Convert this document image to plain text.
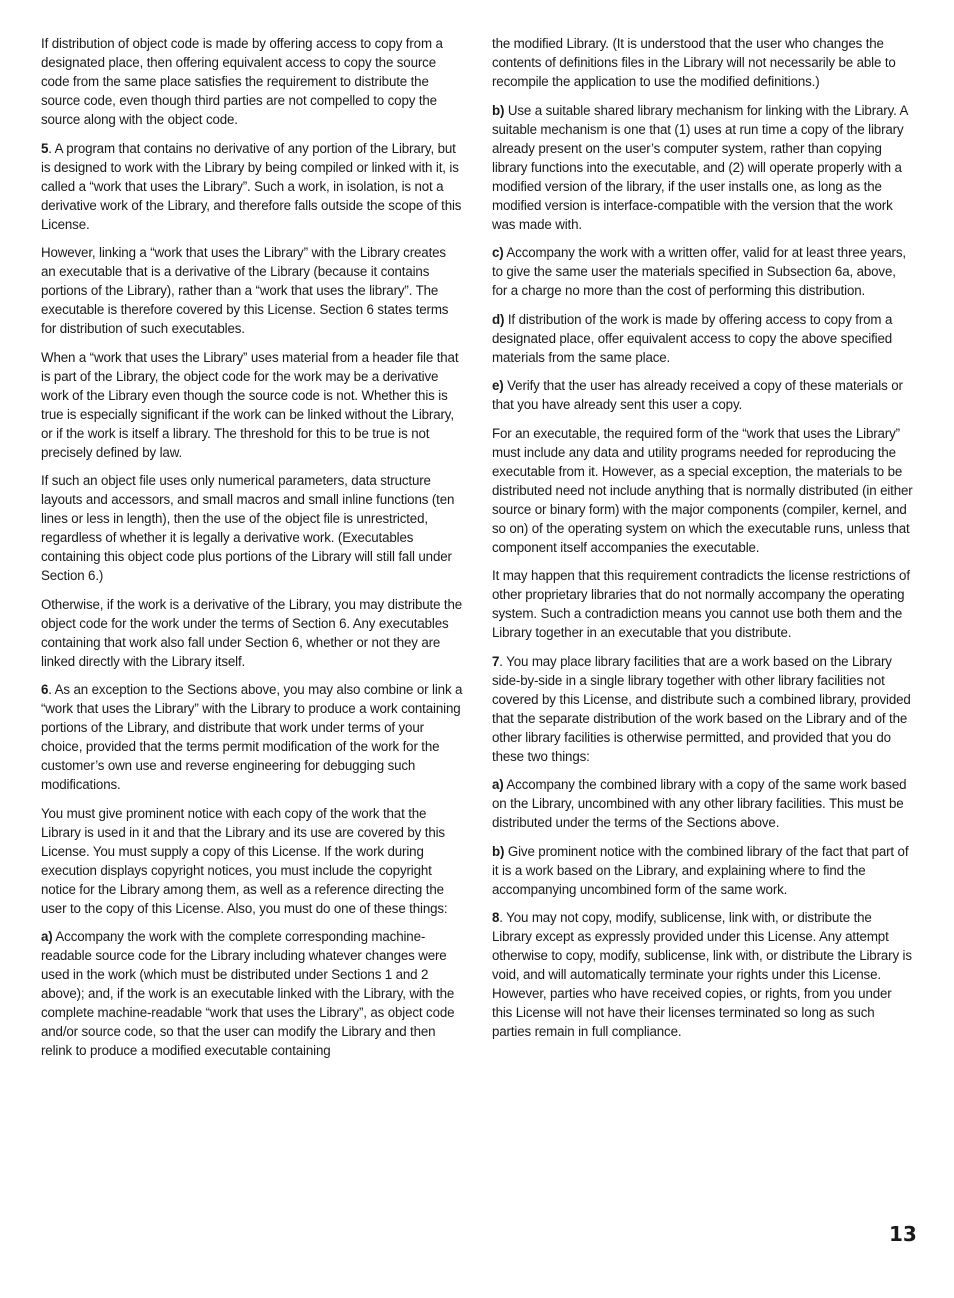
If distribution of object code is made by offering access to copy from a designated place, then offering equivalent access to copy the source code from the same place satisfies the requirement to distribute the source code, even though third parties are not compelled to copy the source along with the object code.

5. A program that contains no derivative of any portion of the Library, but is designed to work with the Library by being compiled or linked with it, is called a “work that uses the Library”. Such a work, in isolation, is not a derivative work of the Library, and therefore falls outside the scope of this License.

However, linking a “work that uses the Library” with the Library creates an executable that is a derivative of the Library (because it contains portions of the Library), rather than a “work that uses the library”. The executable is therefore covered by this License. Section 6 states terms for distribution of such executables.

When a “work that uses the Library” uses material from a header file that is part of the Library, the object code for the work may be a derivative work of the Library even though the source code is not. Whether this is true is especially significant if the work can be linked without the Library, or if the work is itself a library. The threshold for this to be true is not precisely defined by law.

If such an object file uses only numerical parameters, data structure layouts and accessors, and small macros and small inline functions (ten lines or less in length), then the use of the object file is unrestricted, regardless of whether it is legally a derivative work. (Executables containing this object code plus portions of the Library will still fall under Section 6.)

Otherwise, if the work is a derivative of the Library, you may distribute the object code for the work under the terms of Section 6. Any executables containing that work also fall under Section 6, whether or not they are linked directly with the Library itself.

6. As an exception to the Sections above, you may also combine or link a “work that uses the Library” with the Library to produce a work containing portions of the Library, and distribute that work under terms of your choice, provided that the terms permit modification of the work for the customer’s own use and reverse engineering for debugging such modifications.

You must give prominent notice with each copy of the work that the Library is used in it and that the Library and its use are covered by this License. You must supply a copy of this License. If the work during execution displays copyright notices, you must include the copyright notice for the Library among them, as well as a reference directing the user to the copy of this License. Also, you must do one of these things:

a) Accompany the work with the complete corresponding machine-readable source code for the Library including whatever changes were used in the work (which must be distributed under Sections 1 and 2 above); and, if the work is an executable linked with the Library, with the complete machine-readable “work that uses the Library”, as object code and/or source code, so that the user can modify the Library and then relink to produce a modified executable containing

the modified Library. (It is understood that the user who changes the contents of definitions files in the Library will not necessarily be able to recompile the application to use the modified definitions.)

b) Use a suitable shared library mechanism for linking with the Library. A suitable mechanism is one that (1) uses at run time a copy of the library already present on the user’s computer system, rather than copying library functions into the executable, and (2) will operate properly with a modified version of the library, if the user installs one, as long as the modified version is interface-compatible with the version that the work was made with.

c) Accompany the work with a written offer, valid for at least three years, to give the same user the materials specified in Subsection 6a, above, for a charge no more than the cost of performing this distribution.

d) If distribution of the work is made by offering access to copy from a designated place, offer equivalent access to copy the above specified materials from the same place.

e) Verify that the user has already received a copy of these materials or that you have already sent this user a copy.

For an executable, the required form of the “work that uses the Library” must include any data and utility programs needed for reproducing the executable from it. However, as a special exception, the materials to be distributed need not include anything that is normally distributed (in either source or binary form) with the major components (compiler, kernel, and so on) of the operating system on which the executable runs, unless that component itself accompanies the executable.

It may happen that this requirement contradicts the license restrictions of other proprietary libraries that do not normally accompany the operating system. Such a contradiction means you cannot use both them and the Library together in an executable that you distribute.

7. You may place library facilities that are a work based on the Library side-by-side in a single library together with other library facilities not covered by this License, and distribute such a combined library, provided that the separate distribution of the work based on the Library and of the other library facilities is otherwise permitted, and provided that you do these two things:

a) Accompany the combined library with a copy of the same work based on the Library, uncombined with any other library facilities. This must be distributed under the terms of the Sections above.

b) Give prominent notice with the combined library of the fact that part of it is a work based on the Library, and explaining where to find the accompanying uncombined form of the same work.

8. You may not copy, modify, sublicense, link with, or distribute the Library except as expressly provided under this License. Any attempt otherwise to copy, modify, sublicense, link with, or distribute the Library is void, and will automatically terminate your rights under this License. However, parties who have received copies, or rights, from you under this License will not have their licenses terminated so long as such parties remain in full compliance.

13
